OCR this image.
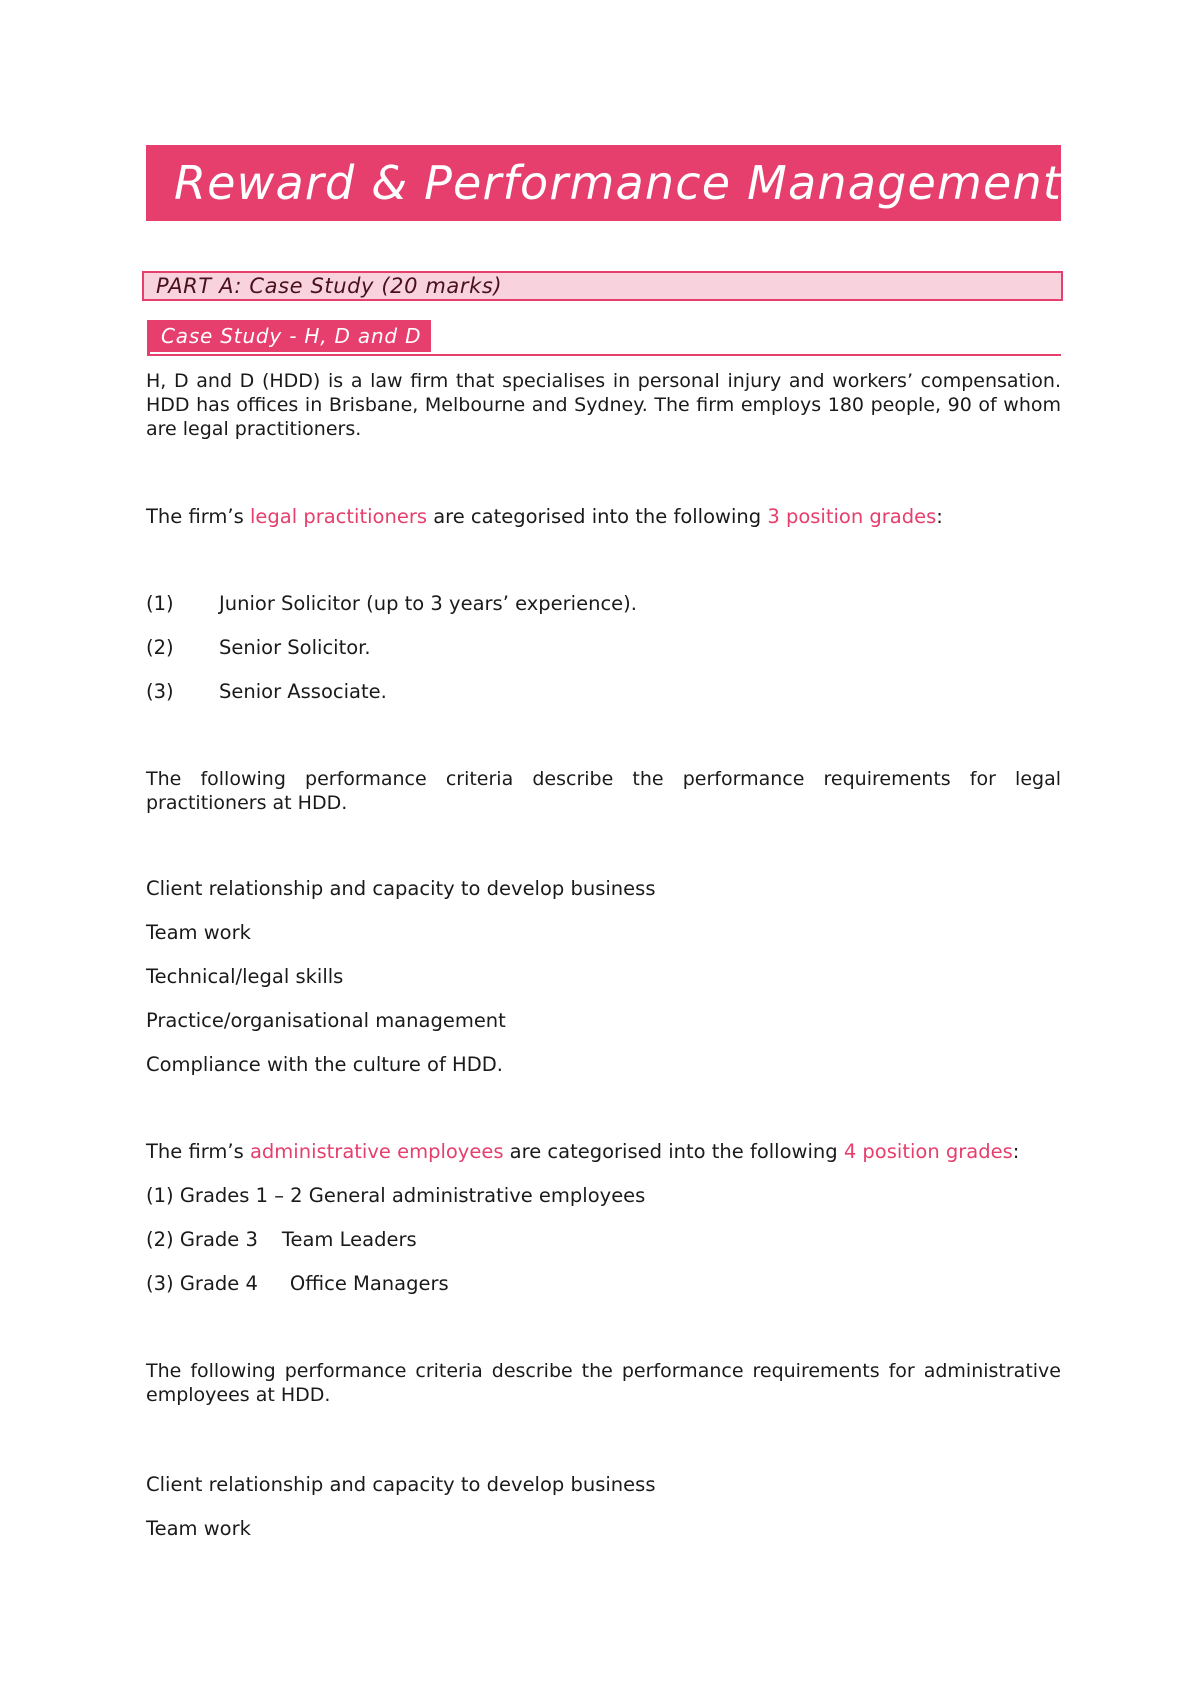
Reward & Performance Management
PART A: Case Study (20 marks)
Case Study - H, D and D

H, D and D (HDD) is a law firm that specialises in personal injury and workers’ compensation. HDD has offices in Brisbane, Melbourne and Sydney. The firm employs 180 people, 90 of whom are legal practitioners.

The firm’s legal practitioners are categorised into the following 3 position grades:

(1) Junior Solicitor (up to 3 years’ experience).
(2) Senior Solicitor.
(3) Senior Associate.

The following performance criteria describe the performance requirements for legal practitioners at HDD.

Client relationship and capacity to develop business

Team work

Technical/legal skills

Practice/organisational management

Compliance with the culture of HDD.

The firm’s administrative employees are categorised into the following 4 position grades:

(1) Grades 1 – 2 General administrative employees

(2) Grade 3 Team Leaders

(3) Grade 4 Office Managers

The following performance criteria describe the performance requirements for administrative employees at HDD.

Client relationship and capacity to develop business

Team work
